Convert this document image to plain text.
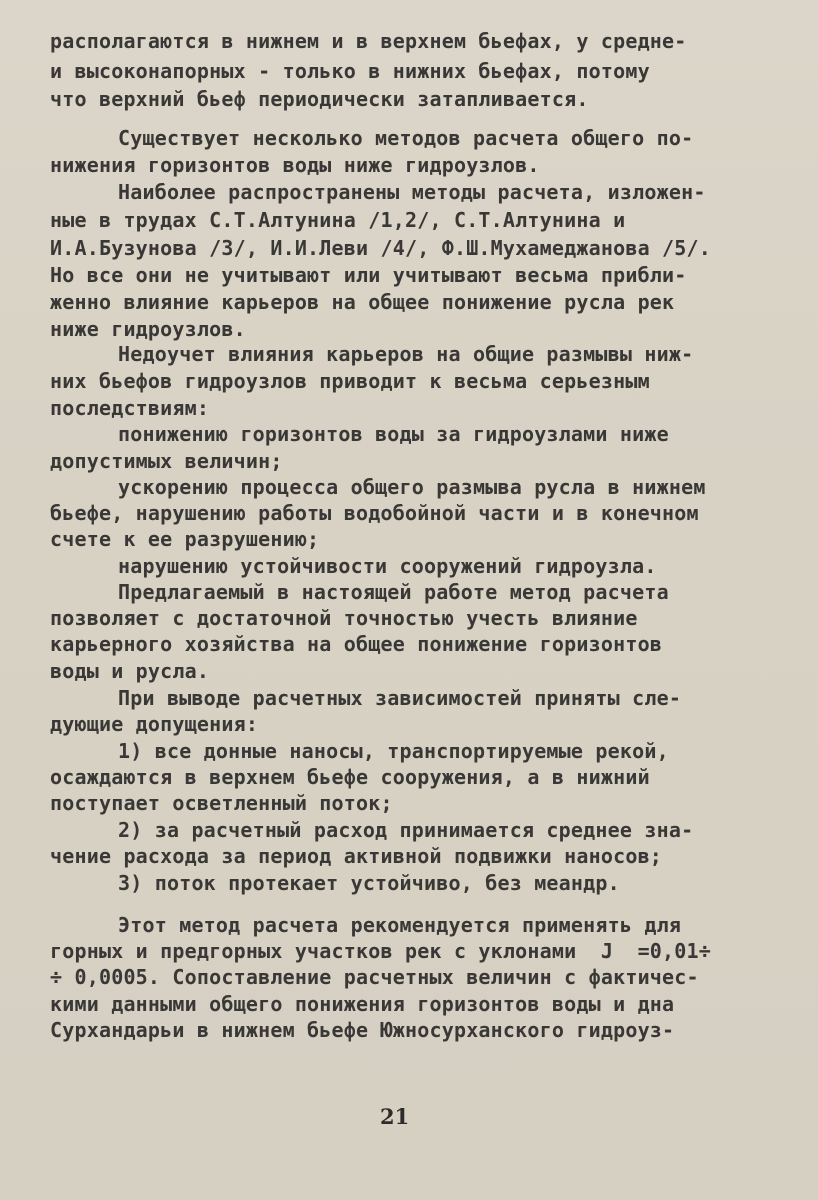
располагаются в нижнем и в верхнем бьефах, у средне-
и высоконапорных - только в нижних бьефах, потому
что верхний бьеф периодически затапливается.
Существует несколько методов расчета общего по-
нижения горизонтов воды ниже гидроузлов.
Наиболее распространены методы расчета, изложен-
ные в трудах С.Т.Алтунина /1,2/, С.Т.Алтунина и
И.А.Бузунова /3/, И.И.Леви /4/, Ф.Ш.Мухамеджанова /5/.
Но все они не учитывают или учитывают весьма прибли-
женно влияние карьеров на общее понижение русла рек
ниже гидроузлов.
Недоучет влияния карьеров на общие размывы ниж-
них бьефов гидроузлов приводит к весьма серьезным
последствиям:
понижению горизонтов воды за гидроузлами ниже
допустимых величин;
ускорению процесса общего размыва русла в нижнем
бьефе, нарушению работы водобойной части и в конечном
счете к ее разрушению;
нарушению устойчивости сооружений гидроузла.
Предлагаемый в настоящей работе метод расчета
позволяет с достаточной точностью учесть влияние
карьерного хозяйства на общее понижение горизонтов
воды и русла.
При выводе расчетных зависимостей приняты сле-
дующие допущения:
1) все донные наносы, транспортируемые рекой,
осаждаются в верхнем бьефе сооружения, а в нижний
поступает осветленный поток;
2) за расчетный расход принимается среднее зна-
чение расхода за период активной подвижки наносов;
3) поток протекает устойчиво, без меандр.
Этот метод расчета рекомендуется применять для
горных и предгорных участков рек с уклонами  J  =0,01÷
÷ 0,0005. Сопоставление расчетных величин с фактичес-
кими данными общего понижения горизонтов воды и дна
Сурхандарьи в нижнем бьефе Южносурханского гидроуз-
21
